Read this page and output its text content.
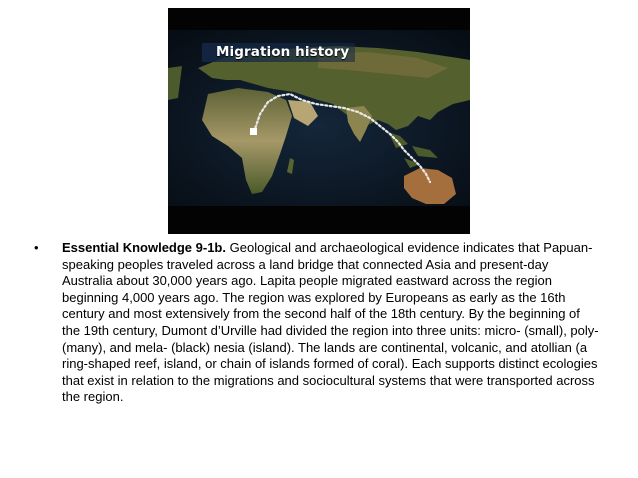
Migration history
• Essential Knowledge 9-1b. Geological and archaeological evidence indicates that Papuan-speaking peoples traveled across a land bridge that connected Asia and present-day Australia about 30,000 years ago. Lapita people migrated eastward across the region beginning 4,000 years ago. The region was explored by Europeans as early as the 16th century and most extensively from the second half of the 18th century. By the beginning of the 19th century, Dumont d’Urville had divided the region into three units: micro- (small), poly- (many), and mela- (black) nesia (island). The lands are continental, volcanic, and atollian (a ring-shaped reef, island, or chain of islands formed of coral). Each supports distinct ecologies that exist in relation to the migrations and sociocultural systems that were transported across the region.
